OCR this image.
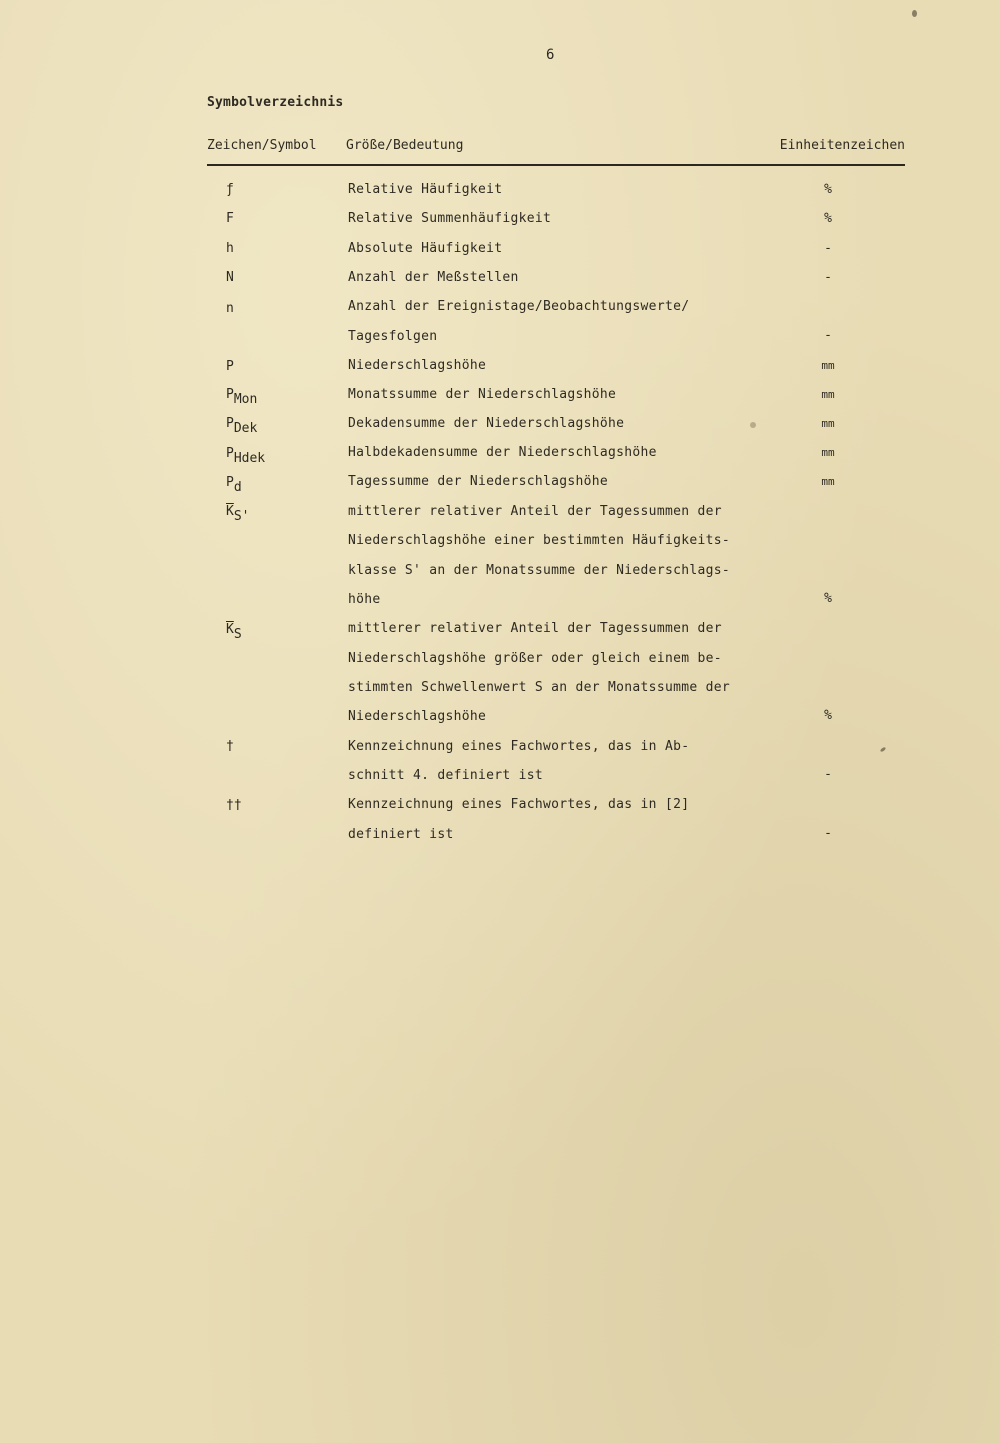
6
Symbolverzeichnis
Zeichen/Symbol Größe/Bedeutung	Einheitenzeichen
ƒ	Relative Häufigkeit	%
F	Relative Summenhäufigkeit	%
h	Absolute Häufigkeit	-
N	Anzahl der Meßstellen	-
n	Anzahl der Ereignistage/Beobachtungswerte/
Tagesfolgen	-
P	Niederschlagshöhe	mm
$P_{Mon}$	Monatssumme der Niederschlagshöhe	mm
$P_{Dek}$	Dekadensumme der Niederschlagshöhe	mm
$P_{Hdek}$	Halbdekadensumme der Niederschlagshöhe	mm
$P_d$	Tagessumme der Niederschlagshöhe	mm
$\overline{K}_{S'}$	mittlerer relativer Anteil der Tagessummen der
Niederschlagshöhe einer bestimmten Häufigkeits-
klasse S' an der Monatssumme der Niederschlags-
höhe	%
$\overline{K}_S$	mittlerer relativer Anteil der Tagessummen der
Niederschlagshöhe größer oder gleich einem be-
stimmten Schwellenwert S an der Monatssumme der
Niederschlagshöhe	%
†	Kennzeichnung eines Fachwortes, das in Ab-
schnitt 4. definiert ist	-
††	Kennzeichnung eines Fachwortes, das in [2]
definiert ist	-
